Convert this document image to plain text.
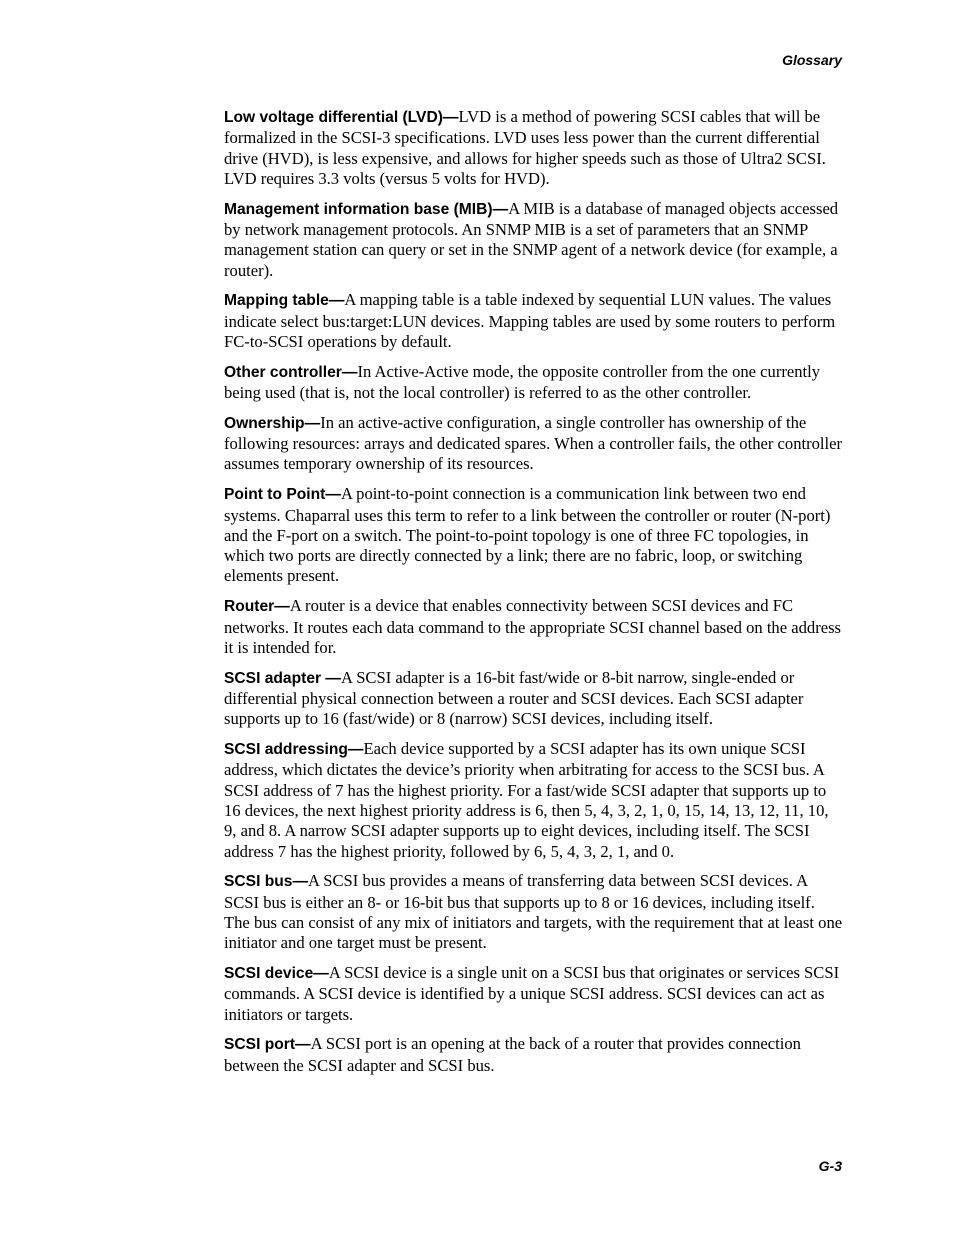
Glossary

Low voltage differential (LVD)—LVD is a method of powering SCSI cables that will be formalized in the SCSI-3 specifications. LVD uses less power than the current differential drive (HVD), is less expensive, and allows for higher speeds such as those of Ultra2 SCSI. LVD requires 3.3 volts (versus 5 volts for HVD).

Management information base (MIB)—A MIB is a database of managed objects accessed by network management protocols. An SNMP MIB is a set of parameters that an SNMP management station can query or set in the SNMP agent of a network device (for example, a router).

Mapping table—A mapping table is a table indexed by sequential LUN values. The values indicate select bus:target:LUN devices. Mapping tables are used by some routers to perform FC-to-SCSI operations by default.

Other controller—In Active-Active mode, the opposite controller from the one currently being used (that is, not the local controller) is referred to as the other controller.

Ownership—In an active-active configuration, a single controller has ownership of the following resources: arrays and dedicated spares. When a controller fails, the other controller assumes temporary ownership of its resources.

Point to Point—A point-to-point connection is a communication link between two end systems. Chaparral uses this term to refer to a link between the controller or router (N-port) and the F-port on a switch. The point-to-point topology is one of three FC topologies, in which two ports are directly connected by a link; there are no fabric, loop, or switching elements present.

Router—A router is a device that enables connectivity between SCSI devices and FC networks. It routes each data command to the appropriate SCSI channel based on the address it is intended for.

SCSI adapter —A SCSI adapter is a 16-bit fast/wide or 8-bit narrow, single-ended or differential physical connection between a router and SCSI devices. Each SCSI adapter supports up to 16 (fast/wide) or 8 (narrow) SCSI devices, including itself.

SCSI addressing—Each device supported by a SCSI adapter has its own unique SCSI address, which dictates the device’s priority when arbitrating for access to the SCSI bus. A SCSI address of 7 has the highest priority. For a fast/wide SCSI adapter that supports up to 16 devices, the next highest priority address is 6, then 5, 4, 3, 2, 1, 0, 15, 14, 13, 12, 11, 10, 9, and 8. A narrow SCSI adapter supports up to eight devices, including itself. The SCSI address 7 has the highest priority, followed by 6, 5, 4, 3, 2, 1, and 0.

SCSI bus—A SCSI bus provides a means of transferring data between SCSI devices. A SCSI bus is either an 8- or 16-bit bus that supports up to 8 or 16 devices, including itself. The bus can consist of any mix of initiators and targets, with the requirement that at least one initiator and one target must be present.

SCSI device—A SCSI device is a single unit on a SCSI bus that originates or services SCSI commands. A SCSI device is identified by a unique SCSI address. SCSI devices can act as initiators or targets.

SCSI port—A SCSI port is an opening at the back of a router that provides connection between the SCSI adapter and SCSI bus.

G-3
